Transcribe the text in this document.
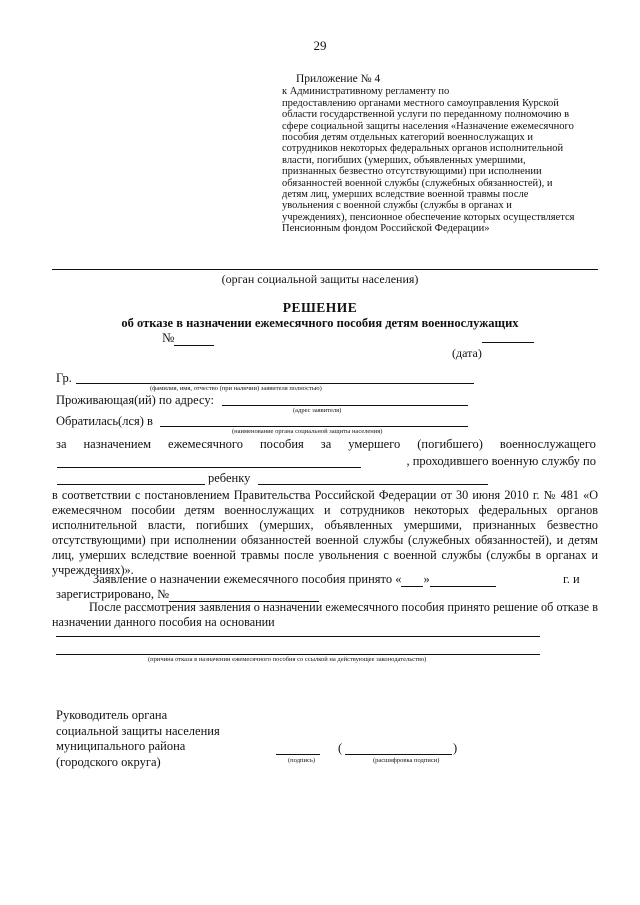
29
Приложение № 4
к Административному регламенту по
предоставлению органами местного самоуправления Курской
области государственной услуги по переданному полномочию в
сфере социальной защиты населения «Назначение ежемесячного
пособия детям отдельных категорий военнослужащих и
сотрудников некоторых федеральных органов исполнительной
власти, погибших (умерших, объявленных умершими,
признанных безвестно отсутствующими) при исполнении
обязанностей военной службы (служебных обязанностей), и
детям лиц, умерших вследствие военной травмы после
увольнения с военной службы (службы в органах и
учреждениях), пенсионное обеспечение которых осуществляется
Пенсионным фондом Российской Федерации»
(орган социальной защиты населения)
РЕШЕНИЕ
об отказе в назначении ежемесячного пособия детям военнослужащих
№
(дата)
Гр.
(фамилия, имя, отчество (при наличии) заявителя полностью)
Проживающая(ий) по адресу:
(адрес заявителя)
Обратилась(лся) в
(наименование органа социальной защиты населения)
за назначением ежемесячного пособия за умершего (погибшего) военнослужащего
, проходившего военную службу по
ребенку
в соответствии с постановлением Правительства Российской Федерации от 30 июня 2010 г. № 481 «О ежемесячном пособии детям военнослужащих и сотрудников некоторых федеральных органов исполнительной власти, погибших (умерших, объявленных умершими, признанных безвестно отсутствующими) при исполнении обязанностей военной службы (служебных обязанностей), и детям лиц, умерших вследствие военной травмы после увольнения с военной службы (службы в органах и учреждениях)».
Заявление о назначении ежемесячного пособия принято « »	г. и
зарегистрировано, №
После рассмотрения заявления о назначении ежемесячного пособия принято решение об отказе в назначении данного пособия на основании
(причина отказа в назначении ежемесячного пособия со ссылкой на действующее законодательство)
Руководитель органа
социальной защиты населения
муниципального района
(городского округа)	(подпись)
(	)
(расшифровка подписи)
